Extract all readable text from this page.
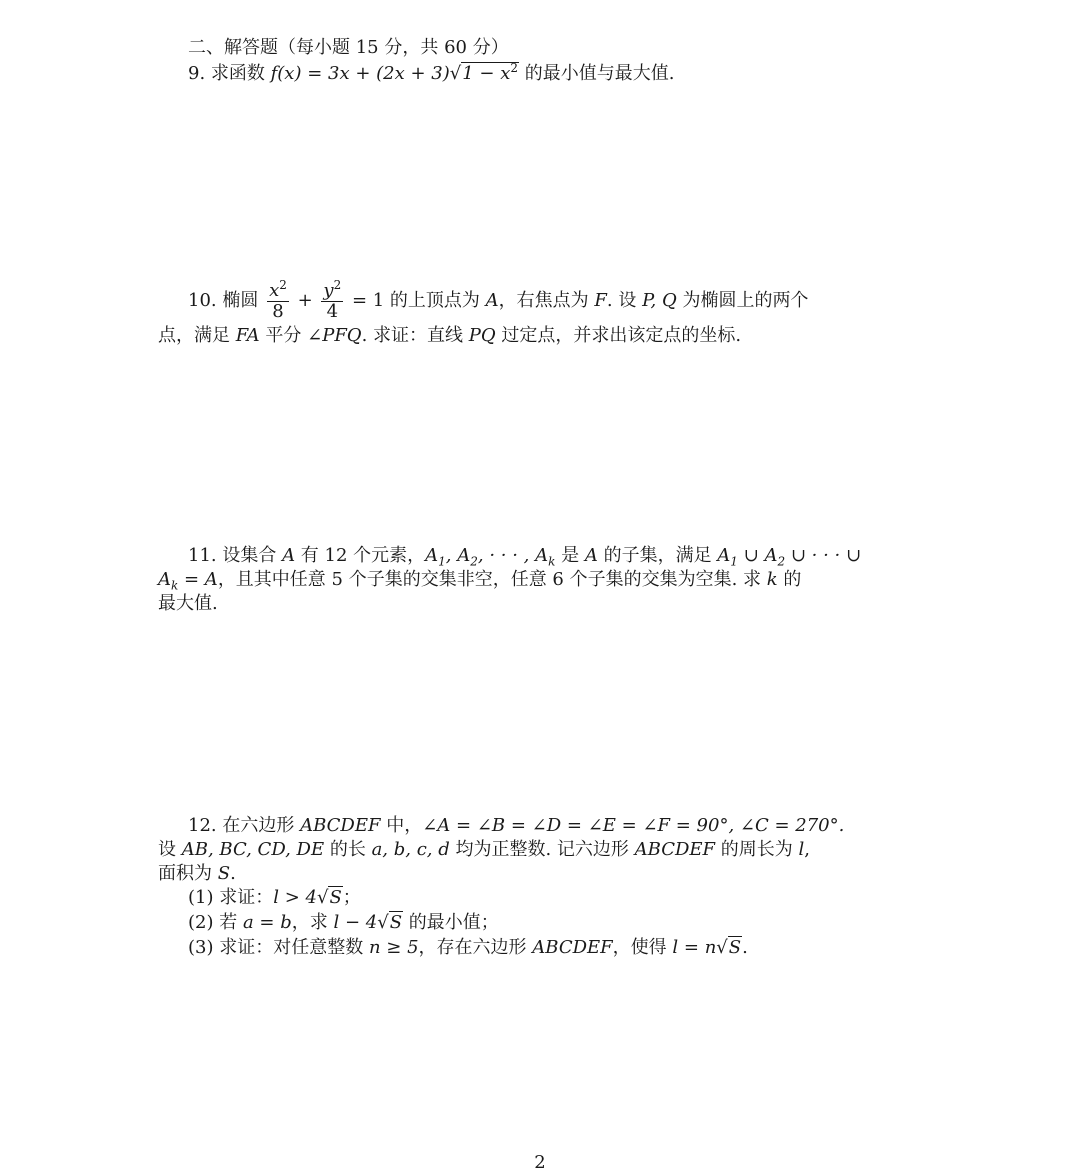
二、解答题（每小题 15 分，共 60 分）
9. 求函数 $f(x) = 3x + (2x + 3)√1 - x^2$ 的最小值与最大值.
10. 椭圆 $\frac{x^2}{8} + \frac{y^2}{4} = 1$ 的上顶点为 A，右焦点为 F. 设 P, Q 为椭圆上的两个
点，满足 FA 平分 ∠PFQ. 求证：直线 PQ 过定点，并求出该定点的坐标.
11. 设集合 A 有 12 个元素，$A_1$, $A_2$, · · · , $A_k$ 是 A 的子集，满足 $A_1$ ∪ $A_2$ ∪ · · · ∪
$A_k = A$，且其中任意 5 个子集的交集非空，任意 6 个子集的交集为空集. 求 k 的
最大值.
12. 在六边形 ABCDEF 中，∠A = ∠B = ∠D = ∠E = ∠F = 90°, ∠C = 270°.
设 AB, BC, CD, DE 的长 a, b, c, d 均为正整数. 记六边形 ABCDEF 的周长为 l,
面积为 S.
(1) 求证：l > 4√S；
(2) 若 a = b，求 l − 4√S 的最小值；
(3) 求证：对任意整数 n ≥ 5，存在六边形 ABCDEF，使得 l = n√S.
2
